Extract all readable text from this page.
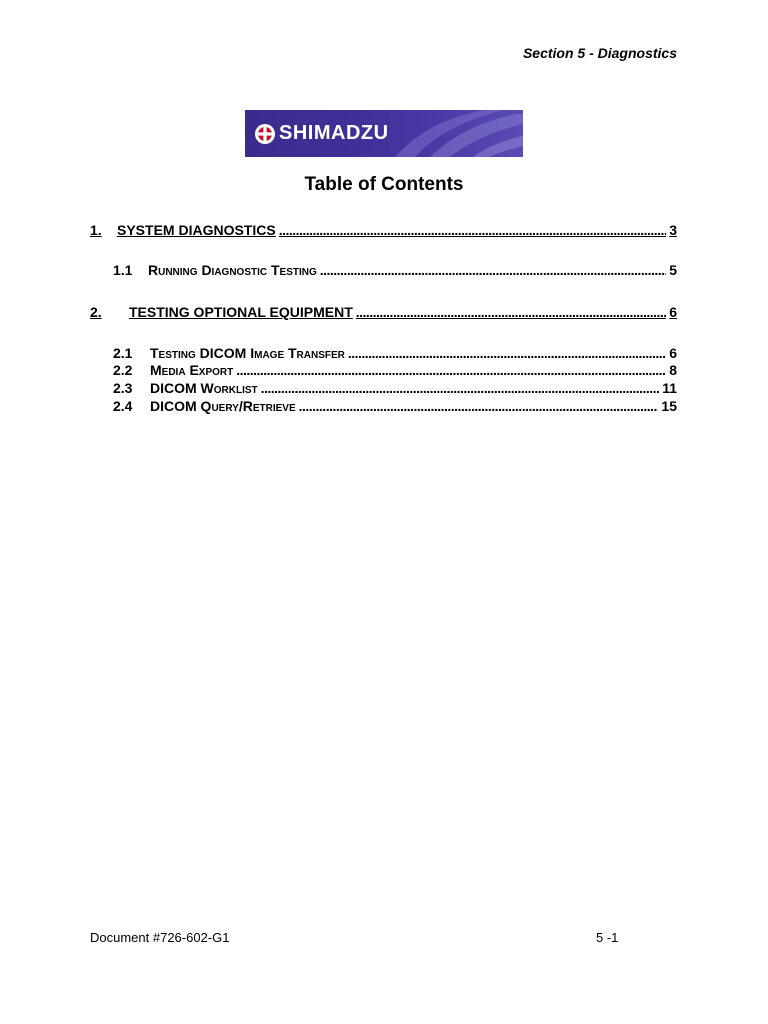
Section 5 - Diagnostics
SHIMADZU
Table of Contents
1.	SYSTEM DIAGNOSTICS . . .	3
1.1	Running Diagnostic Testing . . .	5
2.	TESTING OPTIONAL EQUIPMENT . . .	6
2.1	Testing DICOM Image Transfer . . .	6
2.2	Media Export . . .	8
2.3	DICOM Worklist . . .	11
2.4	DICOM Query/Retrieve . . .	15
Document #726-602-G1	5 -1
